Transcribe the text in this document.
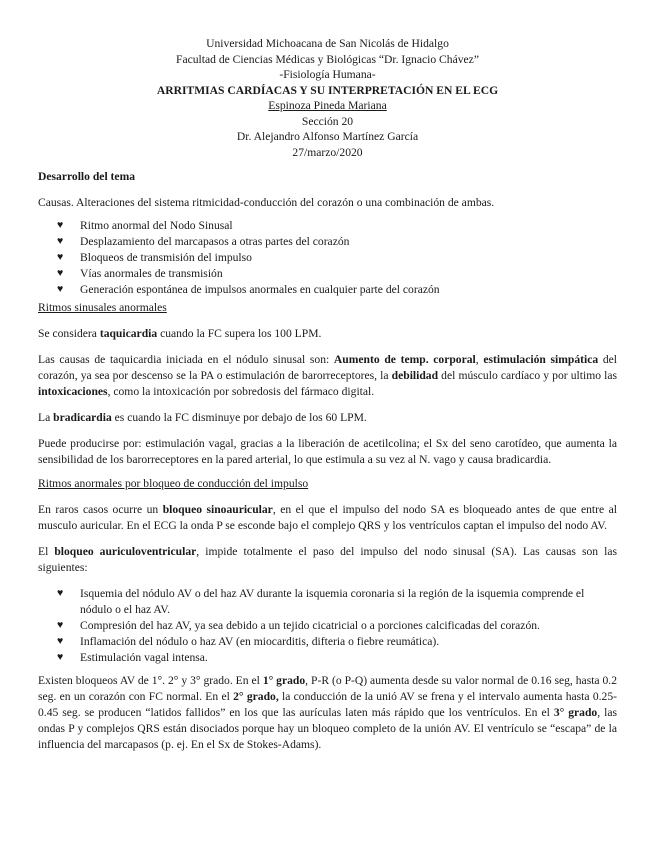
Universidad Michoacana de San Nicolás de Hidalgo
Facultad de Ciencias Médicas y Biológicas “Dr. Ignacio Chávez”
-Fisiología Humana-
ARRITMIAS CARDÍACAS Y SU INTERPRETACIÓN EN EL ECG
Espinoza Pineda Mariana
Sección 20
Dr. Alejandro Alfonso Martínez García
27/marzo/2020

Desarrollo del tema

Causas. Alteraciones del sistema ritmicidad-conducción del corazón o una combinación de ambas.

♥ Ritmo anormal del Nodo Sinusal
♥ Desplazamiento del marcapasos a otras partes del corazón
♥ Bloqueos de transmisión del impulso
♥ Vías anormales de transmisión
♥ Generación espontánea de impulsos anormales en cualquier parte del corazón

Ritmos sinusales anormales

Se considera taquicardia cuando la FC supera los 100 LPM.

Las causas de taquicardia iniciada en el nódulo sinusal son: Aumento de temp. corporal, estimulación simpática del corazón, ya sea por descenso se la PA o estimulación de barorreceptores, la debilidad del músculo cardíaco y por ultimo las intoxicaciones, como la intoxicación por sobredosis del fármaco digital.

La bradicardia es cuando la FC disminuye por debajo de los 60 LPM.

Puede producirse por: estimulación vagal, gracias a la liberación de acetilcolina; el Sx del seno carotídeo, que aumenta la sensibilidad de los barorreceptores en la pared arterial, lo que estimula a su vez al N. vago y causa bradicardia.

Ritmos anormales por bloqueo de conducción del impulso

En raros casos ocurre un bloqueo sinoauricular, en el que el impulso del nodo SA es bloqueado antes de que entre al musculo auricular. En el ECG la onda P se esconde bajo el complejo QRS y los ventrículos captan el impulso del nodo AV.

El bloqueo auriculoventricular, impide totalmente el paso del impulso del nodo sinusal (SA). Las causas son las siguientes:

♥ Isquemia del nódulo AV o del haz AV durante la isquemia coronaria si la región de la isquemia comprende el nódulo o el haz AV.
♥ Compresión del haz AV, ya sea debido a un tejido cicatricial o a porciones calcificadas del corazón.
♥ Inflamación del nódulo o haz AV (en miocarditis, difteria o fiebre reumática).
♥ Estimulación vagal intensa.

Existen bloqueos AV de 1°. 2° y 3° grado. En el 1° grado, P-R (o P-Q) aumenta desde su valor normal de 0.16 seg, hasta 0.2 seg. en un corazón con FC normal. En el 2° grado, la conducción de la unió AV se frena y el intervalo aumenta hasta 0.25-0.45 seg. se producen “latidos fallidos” en los que las aurículas laten más rápido que los ventrículos. En el 3° grado, las ondas P y complejos QRS están disociados porque hay un bloqueo completo de la unión AV. El ventrículo se “escapa” de la influencia del marcapasos (p. ej. En el Sx de Stokes-Adams).
